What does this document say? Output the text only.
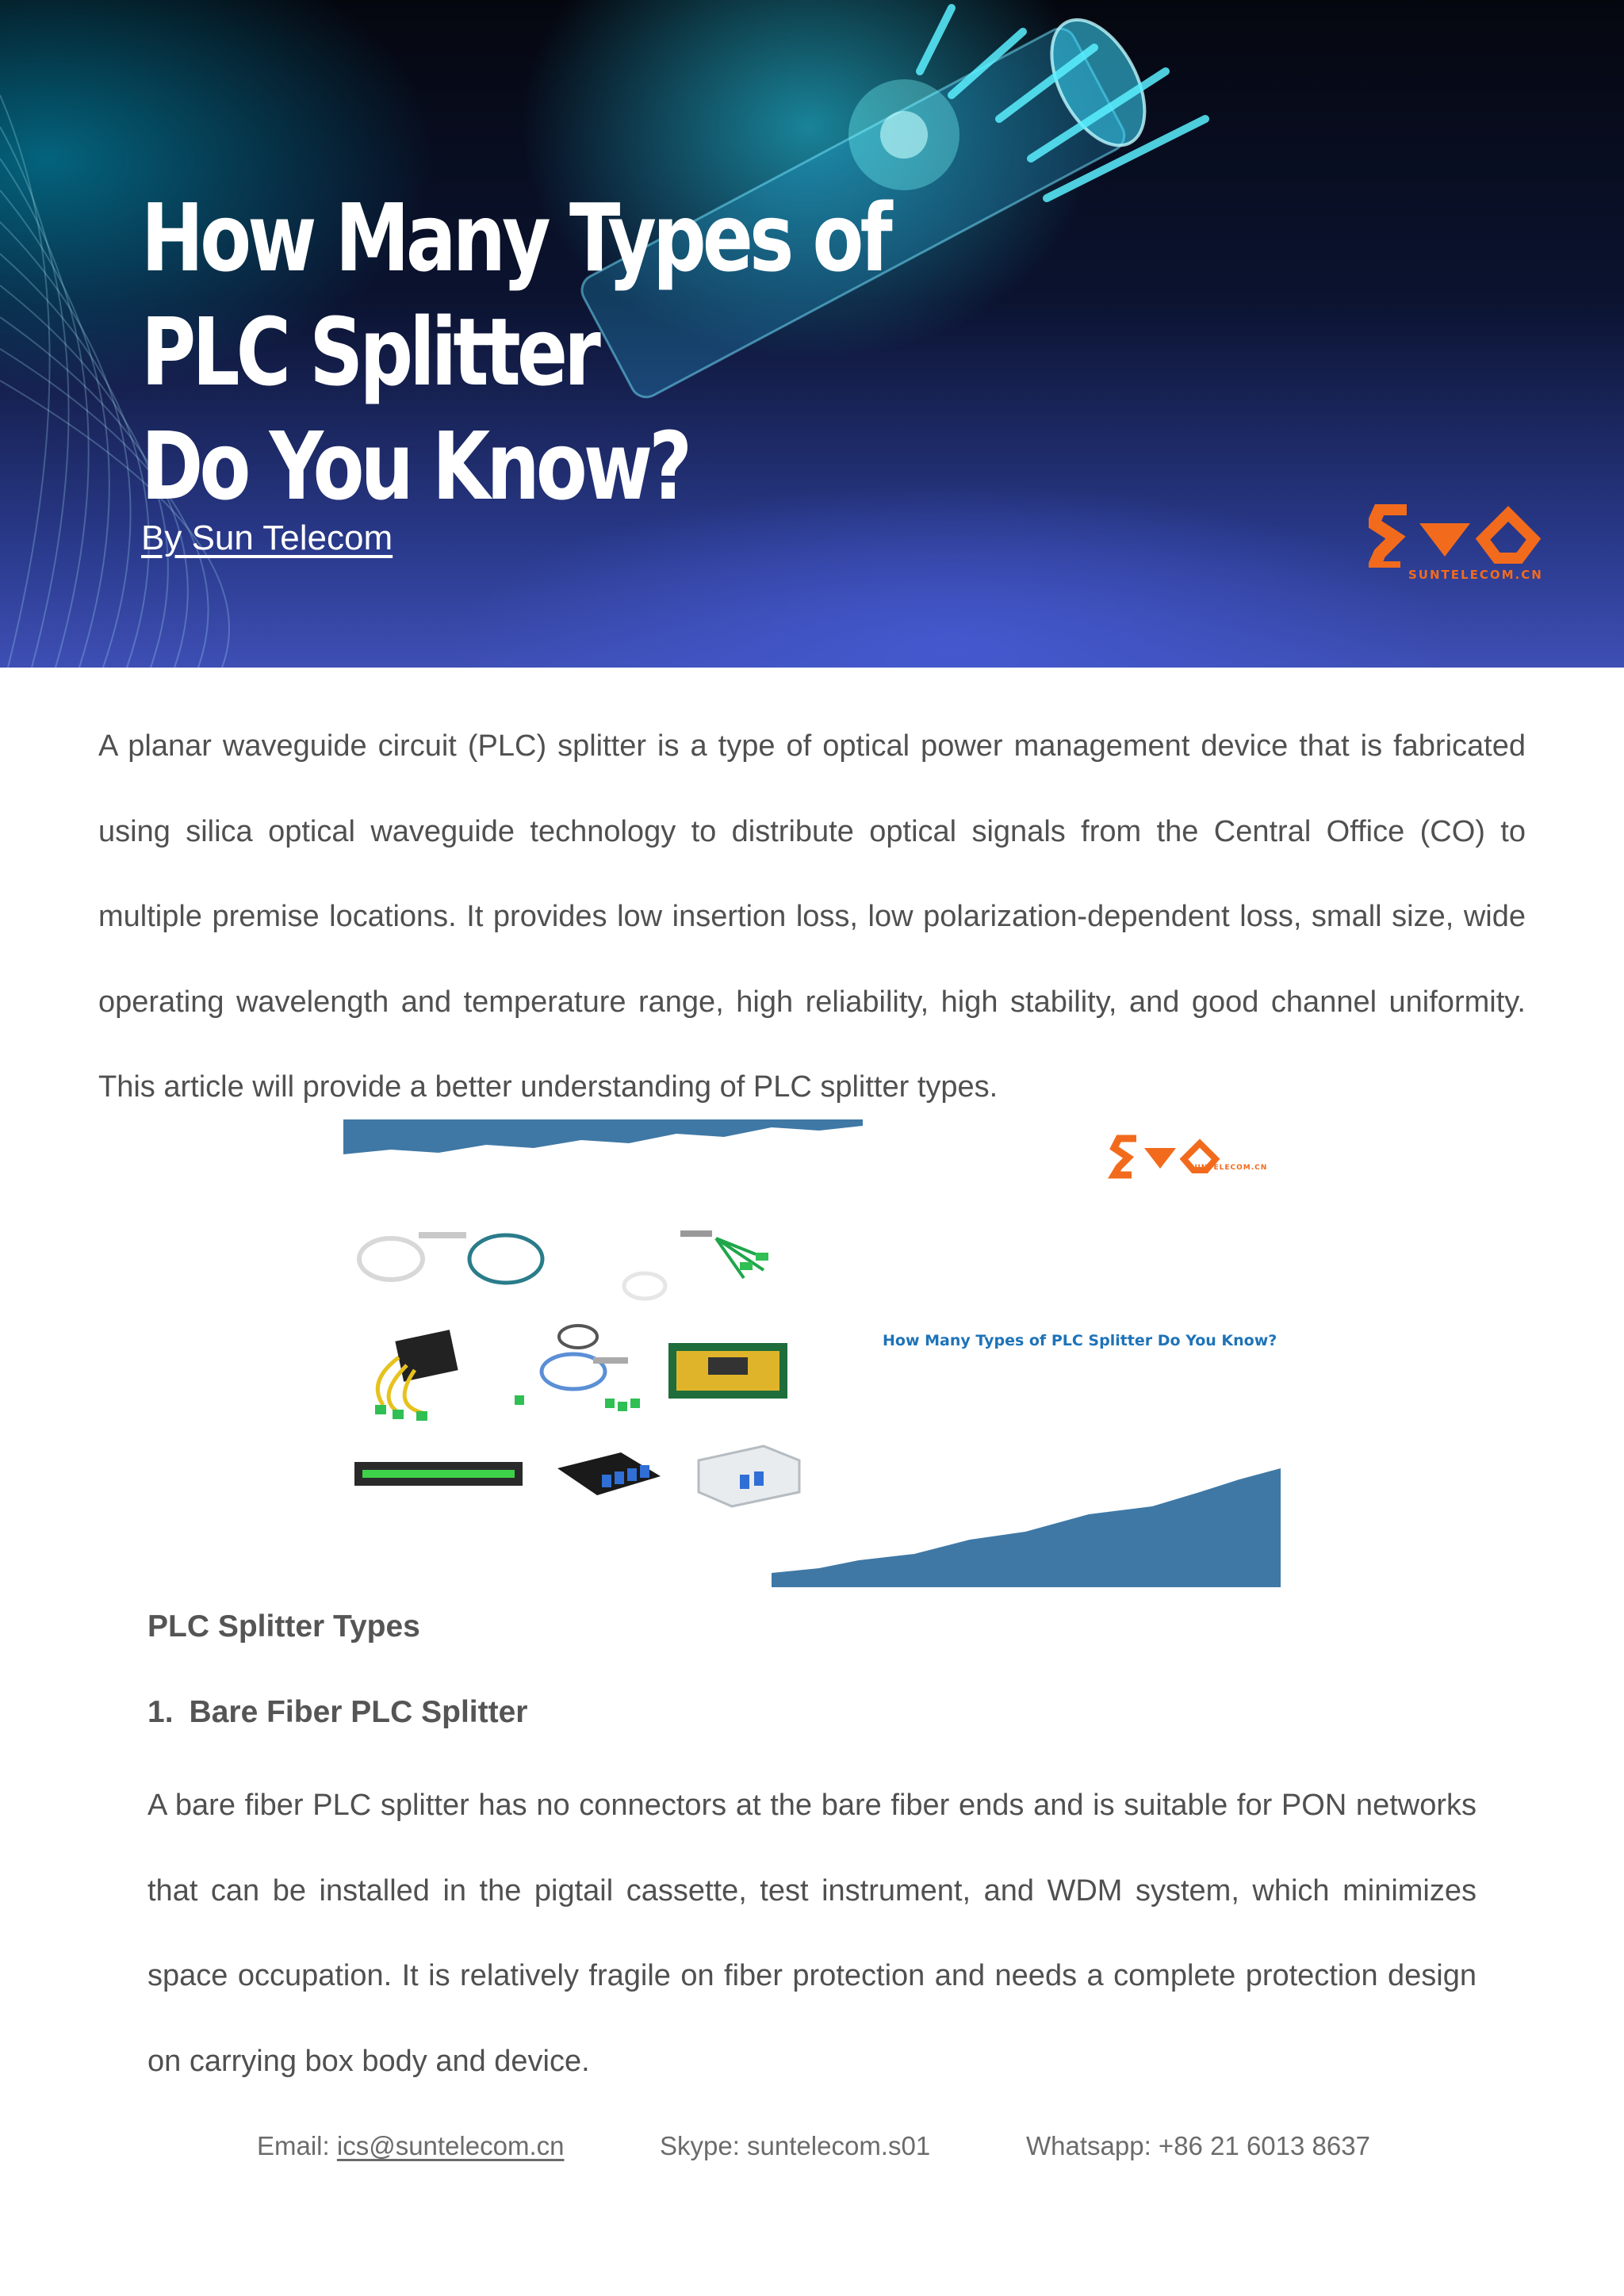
How Many Types of PLC Splitter
Do You Know?
By Sun Telecom
SUNTELECOM.CN

A planar waveguide circuit (PLC) splitter is a type of optical power management device that is fabricated using silica optical waveguide technology to distribute optical signals from the Central Office (CO) to multiple premise locations. It provides low insertion loss, low polarization-dependent loss, small size, wide operating wavelength and temperature range, high reliability, high stability, and good channel uniformity. This article will provide a better understanding of PLC splitter types.

SUNTELECOM.CN
How Many Types of PLC Splitter Do You Know?
PLC Splitter Types
1. Bare Fiber PLC Splitter

A bare fiber PLC splitter has no connectors at the bare fiber ends and is suitable for PON networks that can be installed in the pigtail cassette, test instrument, and WDM system, which minimizes space occupation. It is relatively fragile on fiber protection and needs a complete protection design on carrying box body and device.

Email: ics@suntelecom.cn	Skype: suntelecom.s01	Whatsapp: +86 21 6013 8637
